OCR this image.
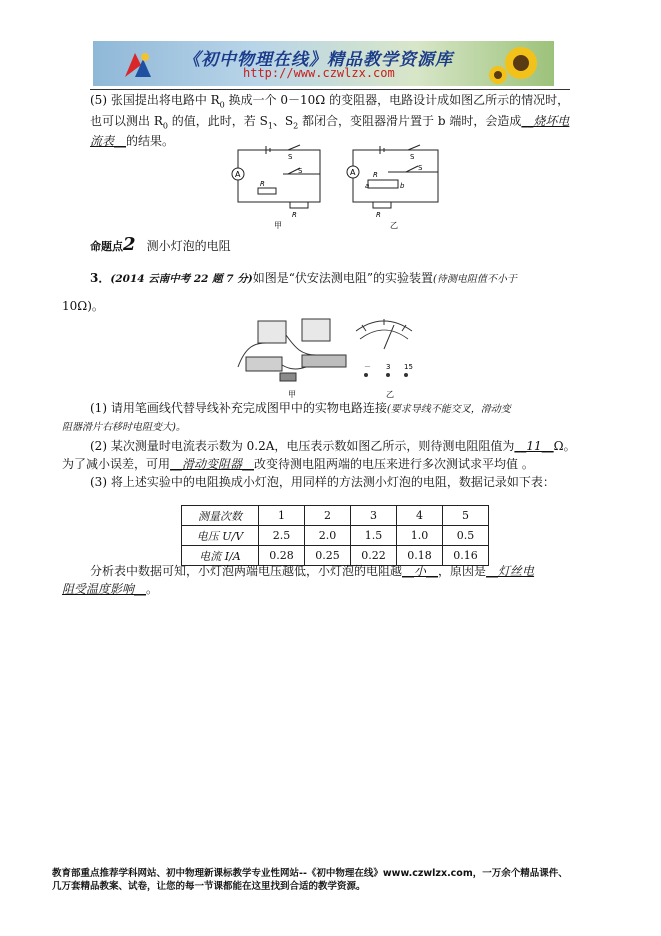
《初中物理在线》精品教学资源库
http://www.czwlzx.com
(5) 张国提出将电路中 $R_0$ 换成一个 0－10Ω 的变阻器，电路设计成如图乙所示的情况时，
也可以测出 $R_0$ 的值，此时，若 $S_1$、$S_2$ 都闭合，变阻器滑片置于 b 端时，会造成__烧坏电
流表__的结果。
A
R
R
S
S
甲
A	R
a	b
R
S
S
乙
命题点2 测小灯泡的电阻
3．(2014 云南中考 22 题 7 分)如图是“伏安法测电阻”的实验装置(待测电阻值不小于
10Ω)。
甲
－ 3 15
乙
(1) 请用笔画线代替导线补充完成图甲中的实物电路连接(要求导线不能交叉，滑动变
阻器滑片右移时电阻变大)。
(2) 某次测量时电流表示数为 0.2A，电压表示数如图乙所示，则待测电阻阻值为__11__Ω。
为了减小误差，可用__滑动变阻器__改变待测电阻两端的电压来进行多次测试求平均值 。
(3) 将上述实验中的电阻换成小灯泡，用同样的方法测小灯泡的电阻，数据记录如下表：
测量次数	1	2	3	4	5
电压 U/V	2.5	2.0	1.5	1.0	0.5
电流 I/A	0.28	0.25	0.22	0.18	0.16
分析表中数据可知，小灯泡两端电压越低，小灯泡的电阻越__小__，原因是__灯丝电
阻受温度影响__。
教育部重点推荐学科网站、初中物理新课标教学专业性网站--《初中物理在线》www.czwlzx.com，一万余个精品课件、
几万套精品教案、试卷，让您的每一节课都能在这里找到合适的教学资源。
